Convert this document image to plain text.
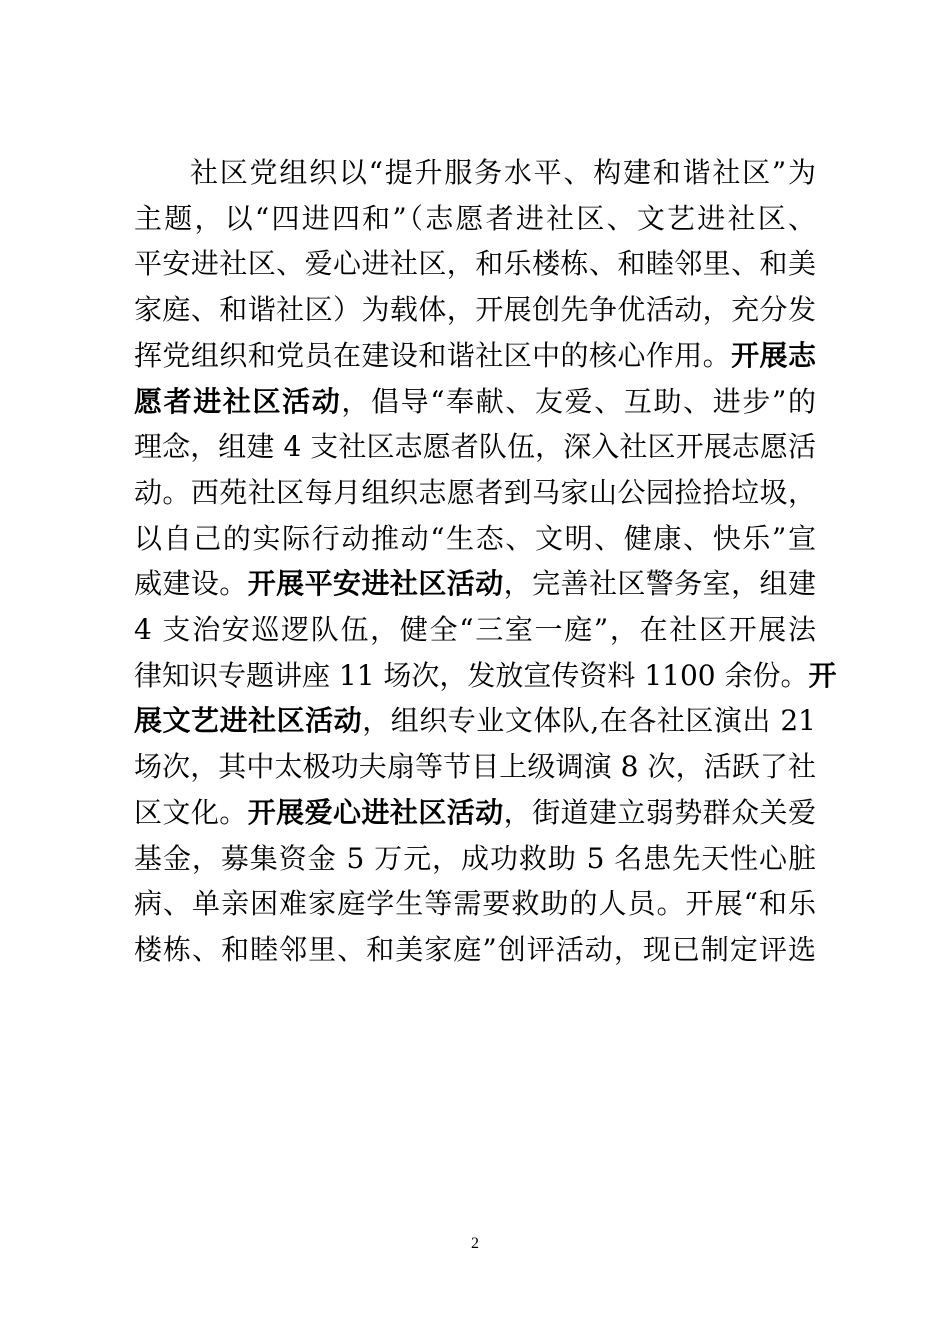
社区党组织以“提升服务水平、构建和谐社区”为
主题，以“四进四和”（志愿者进社区、文艺进社区、
平安进社区、爱心进社区，和乐楼栋、和睦邻里、和美
家庭、和谐社区）为载体，开展创先争优活动，充分发
挥党组织和党员在建设和谐社区中的核心作用。开展志
愿者进社区活动，倡导“奉献、友爱、互助、进步”的
理念，组建 4 支社区志愿者队伍，深入社区开展志愿活
动。西苑社区每月组织志愿者到马家山公园捡拾垃圾，
以自己的实际行动推动“生态、文明、健康、快乐”宣
威建设。开展平安进社区活动，完善社区警务室，组建
4 支治安巡逻队伍，健全“三室一庭”，在社区开展法
律知识专题讲座 11 场次，发放宣传资料 1100 余份。开
展文艺进社区活动，组织专业文体队,在各社区演出 21
场次，其中太极功夫扇等节目上级调演 8 次，活跃了社
区文化。开展爱心进社区活动，街道建立弱势群众关爱
基金，募集资金 5 万元，成功救助 5 名患先天性心脏
病、单亲困难家庭学生等需要救助的人员。开展“和乐
楼栋、和睦邻里、和美家庭”创评活动，现已制定评选
2
